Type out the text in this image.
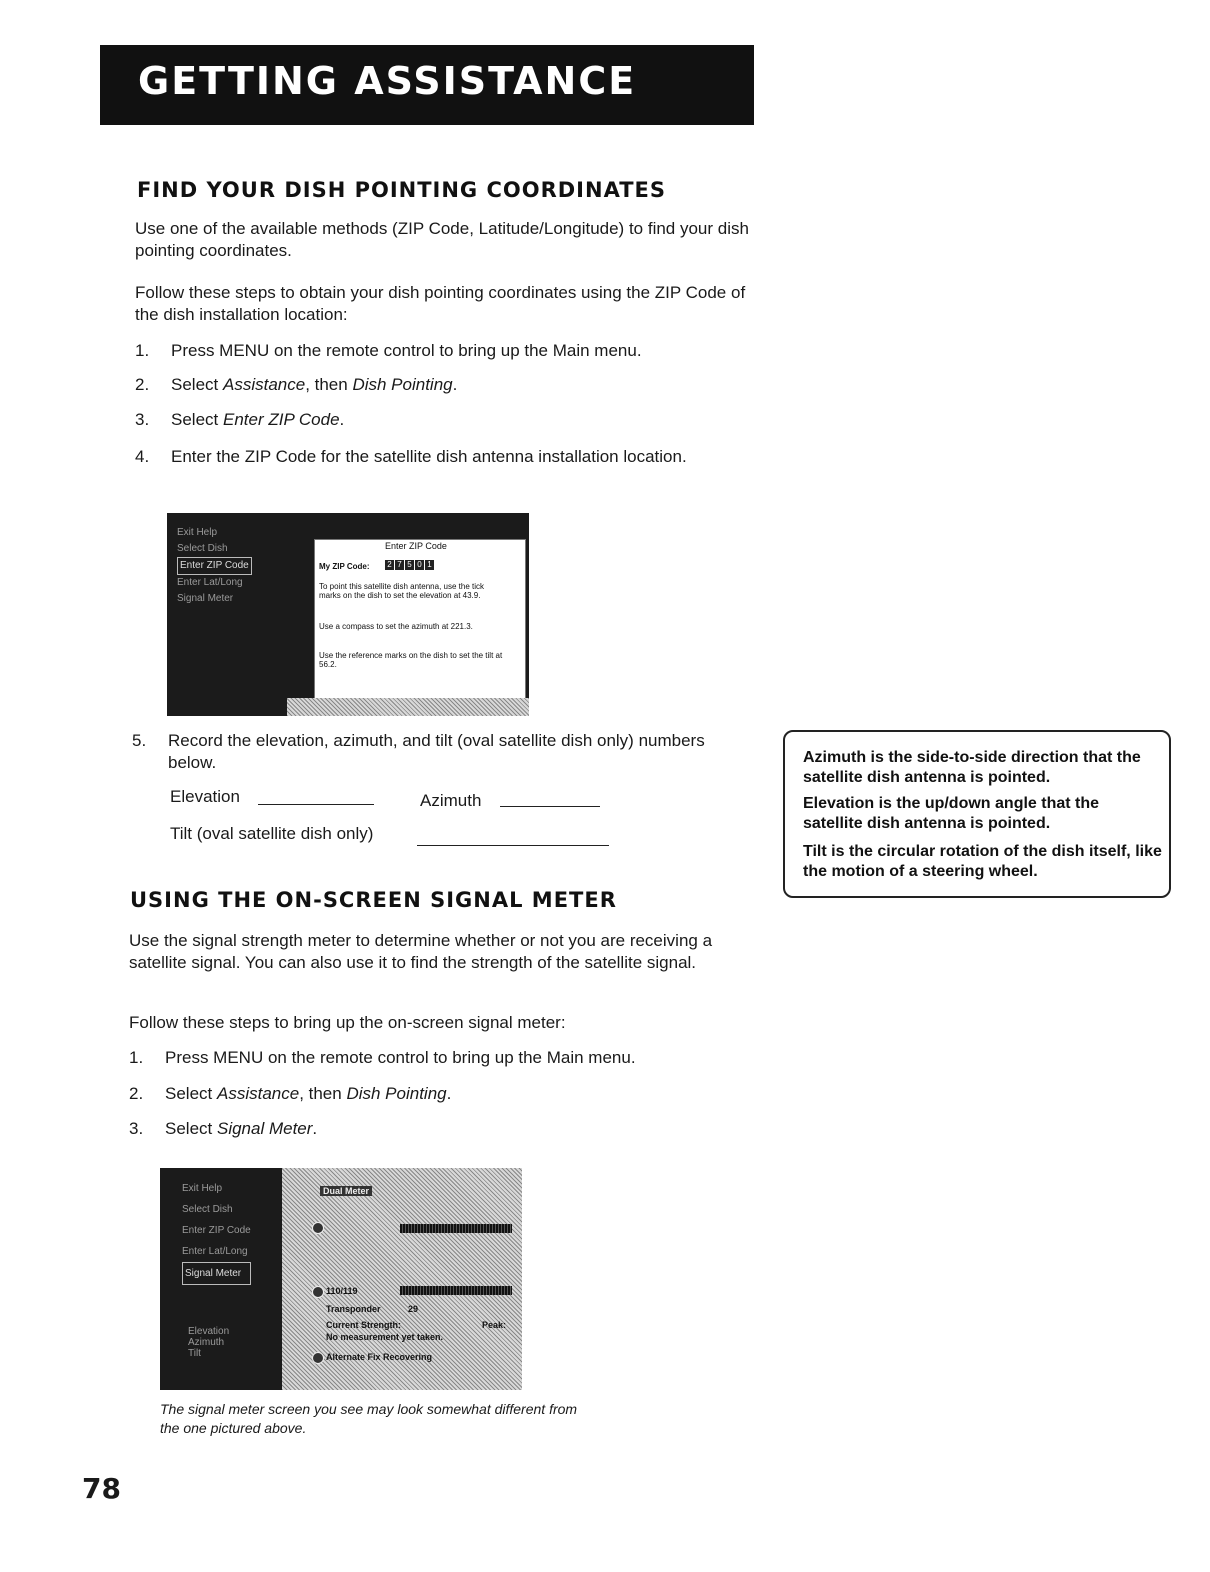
GETTING ASSISTANCE
FIND YOUR DISH POINTING COORDINATES

Use one of the available methods (ZIP Code, Latitude/Longitude) to find your dish pointing coordinates.

Follow these steps to obtain your dish pointing coordinates using the ZIP Code of the dish installation location:

1. Press MENU on the remote control to bring up the Main menu.
2. Select Assistance, then Dish Pointing.
3. Select Enter ZIP Code.
4. Enter the ZIP Code for the satellite dish antenna installation location.
Exit Help
Select Dish
Enter ZIP Code
Enter Lat/Long
Signal Meter
Enter ZIP Code
My ZIP Code: 2 7 5 0 1
To point this satellite dish antenna, use the tick marks on the dish to set the elevation at 43.9.
Use a compass to set the azimuth at 221.3.
Use the reference marks on the dish to set the tilt at 56.2.
5. Record the elevation, azimuth, and tilt (oval satellite dish only) numbers below.
Elevation	Azimuth
Tilt (oval satellite dish only)

Azimuth is the side-to-side direction that the satellite dish antenna is pointed.

Elevation is the up/down angle that the satellite dish antenna is pointed.

Tilt is the circular rotation of the dish itself, like the motion of a steering wheel.

USING THE ON-SCREEN SIGNAL METER

Use the signal strength meter to determine whether or not you are receiving a satellite signal. You can also use it to find the strength of the satellite signal.

Follow these steps to bring up the on-screen signal meter:

1. Press MENU on the remote control to bring up the Main menu.
2. Select Assistance, then Dish Pointing.
3. Select Signal Meter.
Exit Help
Select Dish
Enter ZIP Code
Enter Lat/Long
Signal Meter
Elevation
Azimuth
Tilt
Dual Meter
110/119
Transponder	29
Current Strength:	Peak:
No measurement yet taken.
Alternate Fix Recovering
The signal meter screen you see may look somewhat different from the one pictured above.
78
